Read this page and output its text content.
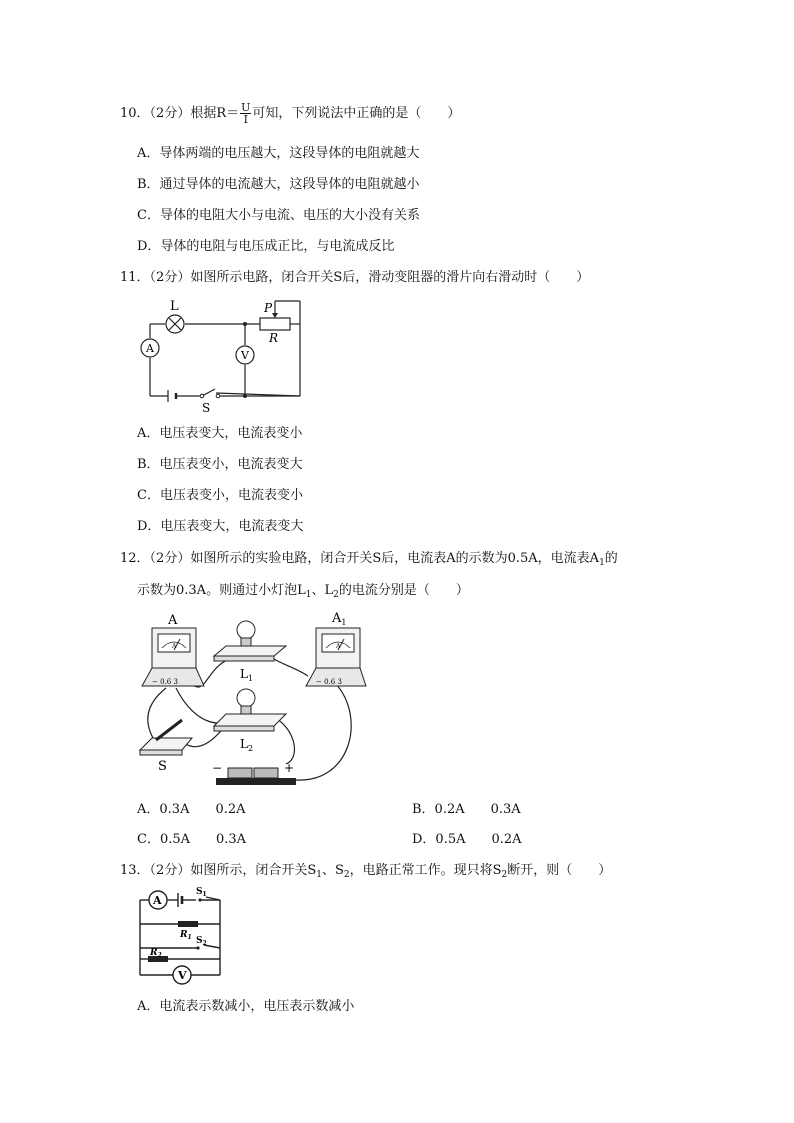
10．（2分）根据$R= \frac{U}{I}$ 可知，下列说法中正确的是（　　）
A．导体两端的电压越大，这段导体的电阻就越大
B．通过导体的电流越大，这段导体的电阻就越小
C．导体的电阻大小与电流、电压的大小没有关系
D．导体的电阻与电压成正比，与电流成反比
11．（2分）如图所示电路，闭合开关S后，滑动变阻器的滑片向右滑动时（　　）
L
A
V
P
R
S
A．电压表变大，电流表变小
B．电压表变小，电流表变大
C．电压表变小，电流表变小
D．电压表变大，电流表变大
12．（2分）如图所示的实验电路，闭合开关S后，电流表A的示数为0.5A，电流表$A_1$的
示数为0.3A。则通过小灯泡$L_1$、$L_2$的电流分别是（　　）
A
− 0.6 3
A
$L_1$
A
− 0.6 3
$A_1$
$L_2$
S	−	+
A．0.3A　　0.2A	B．0.2A　　0.3A
C．0.5A　　0.3A	D．0.5A　　0.2A
13．（2分）如图所示，闭合开关$S_1$、$S_2$，电路正常工作。现只将$S_2$断开，则（　　）
A
V
$S_1$
$R_1$ $S_2$
$R_2$
A．电流表示数减小，电压表示数减小
